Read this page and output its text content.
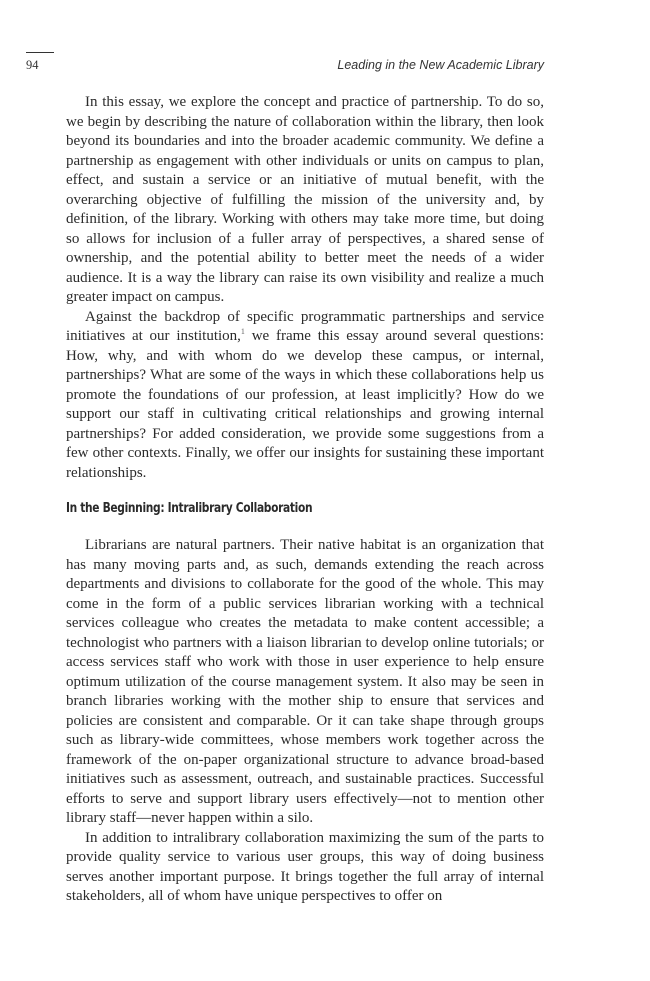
94	Leading in the New Academic Library

In this essay, we explore the concept and practice of partnership. To do so, we begin by describing the nature of collaboration within the library, then look beyond its boundaries and into the broader academic community. We define a partnership as engagement with other individuals or units on campus to plan, effect, and sustain a service or an initiative of mutual benefit, with the overarching objective of fulfilling the mission of the university and, by definition, of the library. Working with others may take more time, but doing so allows for inclusion of a fuller array of perspectives, a shared sense of ownership, and the potential ability to better meet the needs of a wider audience. It is a way the library can raise its own visibility and realize a much greater impact on campus.

Against the backdrop of specific programmatic partnerships and service initiatives at our institution,$^1$ we frame this essay around several questions: How, why, and with whom do we develop these campus, or internal, partnerships? What are some of the ways in which these collaborations help us promote the foundations of our profession, at least implicitly? How do we support our staff in cultivating critical relationships and growing internal partnerships? For added consideration, we provide some suggestions from a few other contexts. Finally, we offer our insights for sustaining these important relationships.

In the Beginning: Intralibrary Collaboration

Librarians are natural partners. Their native habitat is an organization that has many moving parts and, as such, demands extending the reach across departments and divisions to collaborate for the good of the whole. This may come in the form of a public services librarian working with a technical services colleague who creates the metadata to make content accessible; a technologist who partners with a liaison librarian to develop online tutorials; or access services staff who work with those in user experience to help ensure optimum utilization of the course management system. It also may be seen in branch libraries working with the mother ship to ensure that services and policies are consistent and comparable. Or it can take shape through groups such as library-wide committees, whose members work together across the framework of the on-paper organizational structure to advance broad-based initiatives such as assessment, outreach, and sustainable practices. Successful efforts to serve and support library users effectively—not to mention other library staff—never happen within a silo.

In addition to intralibrary collaboration maximizing the sum of the parts to provide quality service to various user groups, this way of doing business serves another important purpose. It brings together the full array of internal stakeholders, all of whom have unique perspectives to offer on
